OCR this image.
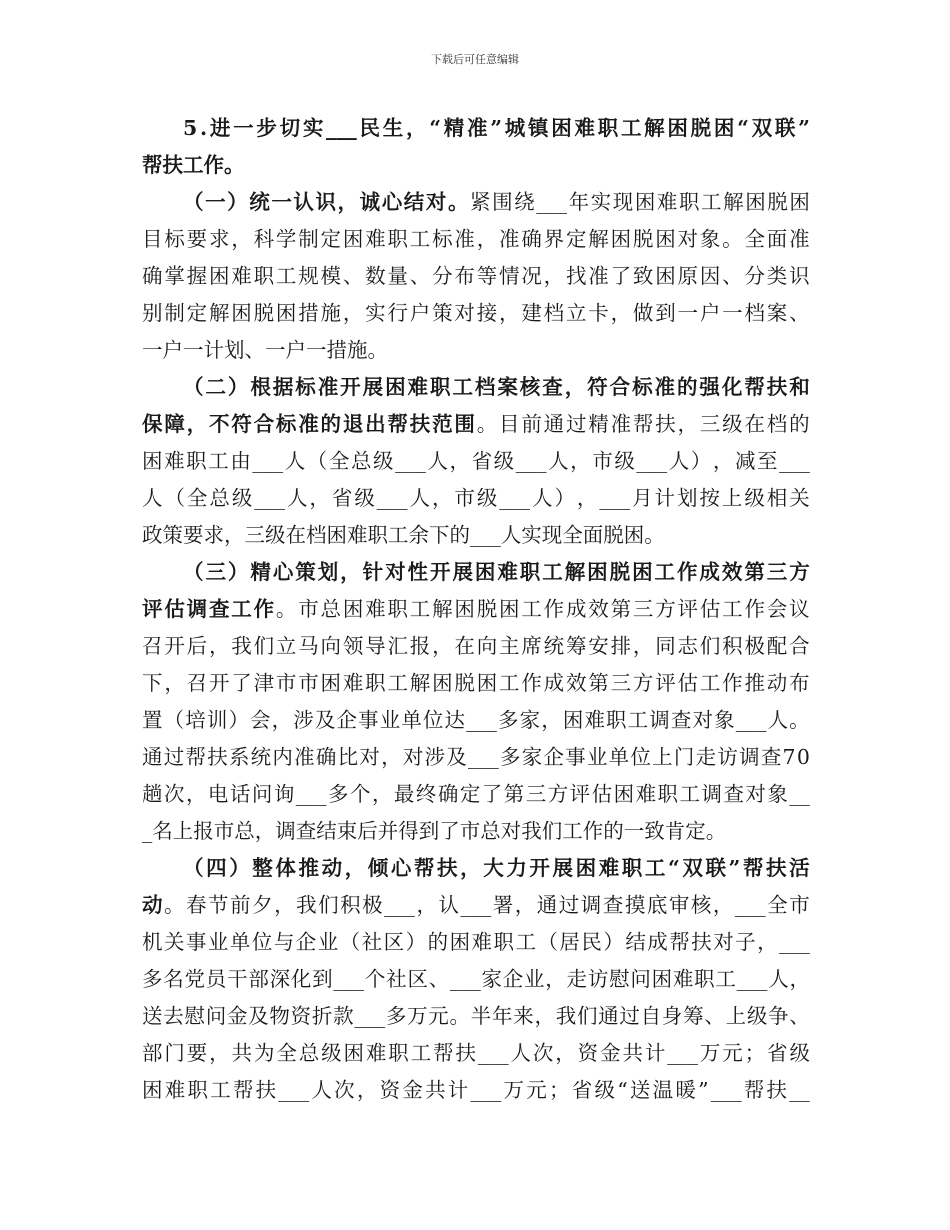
下载后可任意编辑
5 . 进 一 步 切 实 ___ 民 生 ， “ 精 准 ” 城 镇 困 难 职 工 解 困 脱 困 “ 双 联 ”
帮扶工作。
（ 一 ） 统 一 认 识 ， 诚 心 结 对 。 紧 围 绕 ___ 年 实 现 困 难 职 工 解 困 脱 困
目 标 要 求 ， 科 学 制 定 困 难 职 工 标 准 ， 准 确 界 定 解 困 脱 困 对 象 。 全 面 准
确 掌 握 困 难 职 工 规 模 、 数 量 、 分 布 等 情 况 ， 找 准 了 致 困 原 因 、 分 类 识
别 制 定 解 困 脱 困 措 施 ， 实 行 户 策 对 接 ， 建 档 立 卡 ， 做 到 一 户 一 档 案 、
一户一计划、一户一措施。
（ 二 ） 根 据 标 准 开 展 困 难 职 工 档 案 核 查 ， 符 合 标 准 的 强 化 帮 扶 和
保 障 ， 不 符 合 标 准 的 退 出 帮 扶 范 围 。 目 前 通 过 精 准 帮 扶 ， 三 级 在 档 的
困 难 职 工 由 ___ 人 （ 全 总 级 ___ 人 ， 省 级 ___ 人 ， 市 级 ___ 人 ） ， 减 至 ___
人 （ 全 总 级 ___ 人 ， 省 级 ___ 人 ， 市 级 ___ 人 ） ， ___ 月 计 划 按 上 级 相 关
政策要求，三级在档困难职工余下的___人实现全面脱困。
（ 三 ） 精 心 策 划 ， 针 对 性 开 展 困 难 职 工 解 困 脱 困 工 作 成 效 第 三 方
评 估 调 查 工 作 。 市 总 困 难 职 工 解 困 脱 困 工 作 成 效 第 三 方 评 估 工 作 会 议
召 开 后 ， 我 们 立 马 向 领 导 汇 报 ， 在 向 主 席 统 筹 安 排 ， 同 志 们 积 极 配 合
下 ， 召 开 了 津 市 市 困 难 职 工 解 困 脱 困 工 作 成 效 第 三 方 评 估 工 作 推 动 布
置 （ 培 训 ） 会 ， 涉 及 企 事 业 单 位 达 ___ 多 家 ， 困 难 职 工 调 查 对 象 ___ 人 。
通 过 帮 扶 系 统 内 准 确 比 对 ， 对 涉 及 ___ 多 家 企 事 业 单 位 上 门 走 访 调 查 7 0
趟 次 ， 电 话 问 询 ___ 多 个 ， 最 终 确 定 了 第 三 方 评 估 困 难 职 工 调 查 对 象 __
_名上报市总，调查结束后并得到了市总对我们工作的一致肯定。
（ 四 ） 整 体 推 动 ， 倾 心 帮 扶 ， 大 力 开 展 困 难 职 工 “ 双 联 ” 帮 扶 活
动 。 春 节 前 夕 ， 我 们 积 极 ___ ， 认 ___ 署 ， 通 过 调 查 摸 底 审 核 ， ___ 全 市
机 关 事 业 单 位 与 企 业 （ 社 区 ） 的 困 难 职 工 （ 居 民 ） 结 成 帮 扶 对 子 ， ___
多 名 党 员 干 部 深 化 到 ___ 个 社 区 、 ___ 家 企 业 ， 走 访 慰 问 困 难 职 工 ___ 人 ，
送 去 慰 问 金 及 物 资 折 款 ___ 多 万 元 。 半 年 来 ， 我 们 通 过 自 身 筹 、 上 级 争 、
部 门 要 ， 共 为 全 总 级 困 难 职 工 帮 扶 ___ 人 次 ， 资 金 共 计 ___ 万 元 ； 省 级
困 难 职 工 帮 扶 ___ 人 次 ， 资 金 共 计 ___ 万 元 ； 省 级 “ 送 温 暖 ” ___ 帮 扶 __
